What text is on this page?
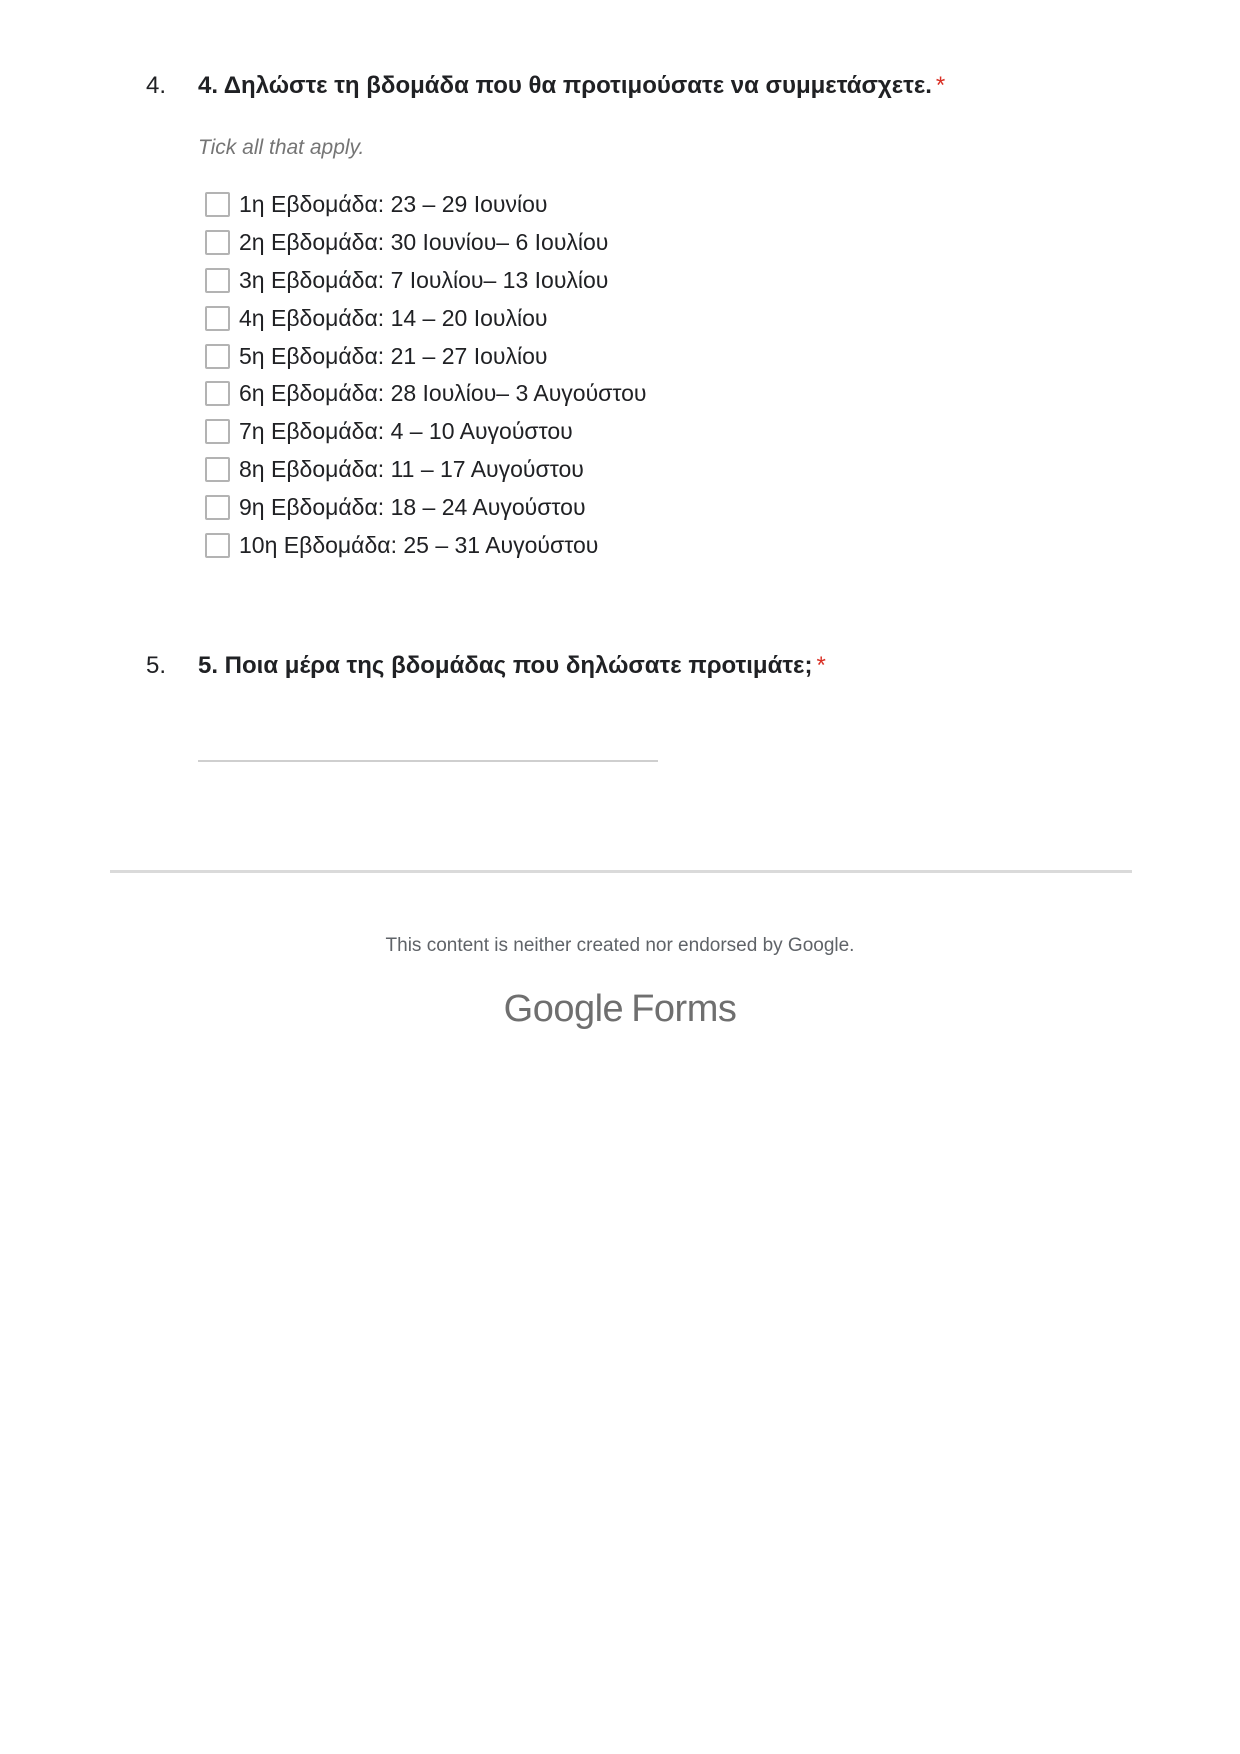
4. 4. Δηλώστε τη βδομάδα που θα προτιμούσατε να συμμετάσχετε. *
Tick all that apply.
1η Εβδομάδα: 23 – 29 Ιουνίου
2η Εβδομάδα: 30 Ιουνίου– 6 Ιουλίου
3η Εβδομάδα: 7 Ιουλίου– 13 Ιουλίου
4η Εβδομάδα: 14 – 20 Ιουλίου
5η Εβδομάδα: 21 – 27 Ιουλίου
6η Εβδομάδα: 28 Ιουλίου– 3 Αυγούστου
7η Εβδομάδα: 4 – 10 Αυγούστου
8η Εβδομάδα: 11 – 17 Αυγούστου
9η Εβδομάδα: 18 – 24 Αυγούστου
10η Εβδομάδα: 25 – 31 Αυγούστου
5. 5. Ποια μέρα της βδομάδας που δηλώσατε προτιμάτε; *
This content is neither created nor endorsed by Google.
Google Forms
